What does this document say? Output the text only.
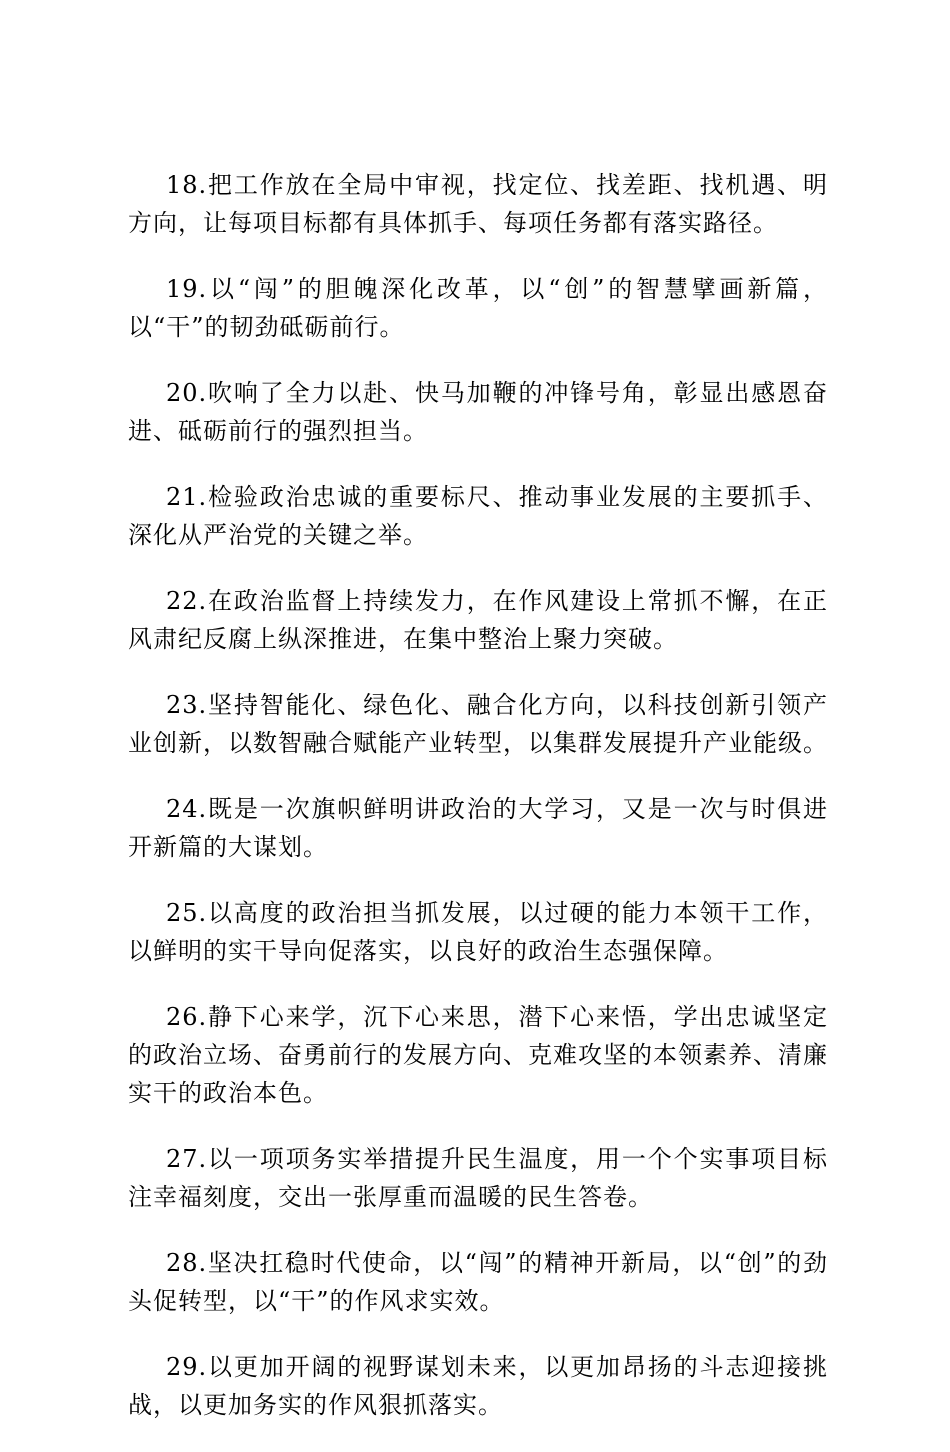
18.把工作放在全局中审视，找定位、找差距、找机遇、明方向，让每项目标都有具体抓手、每项任务都有落实路径。

19.以“闯”的胆魄深化改革，以“创”的智慧擘画新篇，以“干”的韧劲砥砺前行。

20.吹响了全力以赴、快马加鞭的冲锋号角，彰显出感恩奋进、砥砺前行的强烈担当。

21.检验政治忠诚的重要标尺、推动事业发展的主要抓手、深化从严治党的关键之举。

22.在政治监督上持续发力，在作风建设上常抓不懈，在正风肃纪反腐上纵深推进，在集中整治上聚力突破。

23.坚持智能化、绿色化、融合化方向，以科技创新引领产业创新，以数智融合赋能产业转型，以集群发展提升产业能级。

24.既是一次旗帜鲜明讲政治的大学习，又是一次与时俱进开新篇的大谋划。

25.以高度的政治担当抓发展，以过硬的能力本领干工作，以鲜明的实干导向促落实，以良好的政治生态强保障。

26.静下心来学，沉下心来思，潜下心来悟，学出忠诚坚定的政治立场、奋勇前行的发展方向、克难攻坚的本领素养、清廉实干的政治本色。

27.以一项项务实举措提升民生温度，用一个个实事项目标注幸福刻度，交出一张厚重而温暖的民生答卷。

28.坚决扛稳时代使命，以“闯”的精神开新局，以“创”的劲头促转型，以“干”的作风求实效。

29.以更加开阔的视野谋划未来，以更加昂扬的斗志迎接挑战，以更加务实的作风狠抓落实。
